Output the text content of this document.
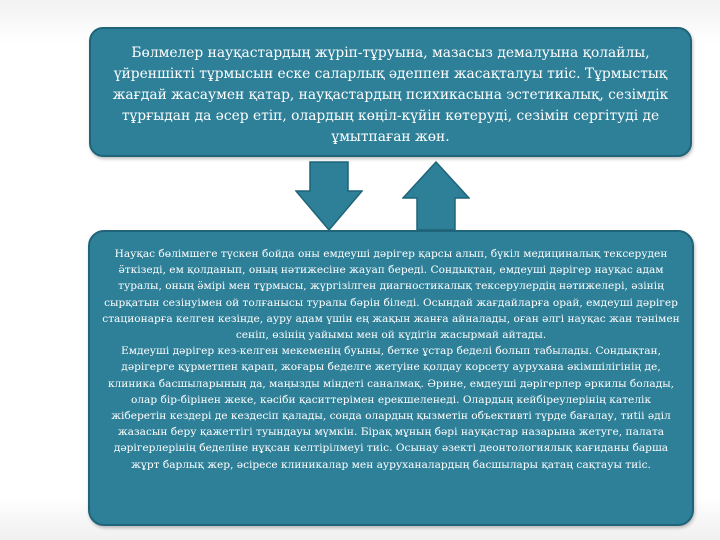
Бөлмелер науқастардың жүріп-тұруына, мазасыз демалуына қолайлы, үйреншікті тұрмысын еске саларлық әдеппен жасақталуы тиіс. Тұрмыстық жағдай жасаумен қатар, науқастардың психикасына эстетикалық, сезімдік тұрғыдан да әсер етіп, олардың көңіл-күйін көтеруді, сезімін сергітуді де ұмытпаған жөн.

Науқас бөлімшеге түскен бойда оны емдеуші дәрігер қарсы алып, бүкіл медициналық тексеруден ӛткізеді, ем қолданып, оның нәтижесіне жауап береді. Сондықтан, емдеуші дәрігер науқас адам туралы, оның ӛмірі мен тұрмысы, жүргізілген диагностикалық тексерулердің нәтижелері, әзінің сырқатын сезінуімен ой толғанысы туралы бәрін біледі. Осындай жағдайларға орай, емдеуші дәрігер стационарға келген кезінде, ауру адам үшін ең жақын жанға айналады, оған әлгі науқас жан тәнімен сеніп, өзінің уайымы мен ой күдігін жасырмай айтады.

Емдеуші дәрігер кез-келген мекеменің буыны, бетке ұстар беделі болып табылады. Сондықтан, дәрігерге құрметпен қарап, жоғары беделге жетуіне қолдау корсету аурухана әкімшілігінің де, клиника басшыларының да, маңызды міндеті саналмақ. Әрине, емдеуші дәрігерлер әркилы болады, олар бір-бірінен жеке, кәсіби қаситтерімен ерекшеленеді. Олардың кейбіреулерінің кателік жіберетін кездері де кездесіп қалады, сонда олардың қызметін объективті түрде бағалау, тиtiі әділ жазасын беру қажеттігі туындауы мүмкін. Бірақ мұның бәрі науқастар назарына жетуге, палата дәрігерлерінің беделіне нұқсан келтірілмеуі тиіс. Осынау әзекті деонтологиялық кағиданы барша жұрт барлық жер, әсіресе клиникалар мен ауруханалардың басшылары қатаң сақтауы тиіс.
